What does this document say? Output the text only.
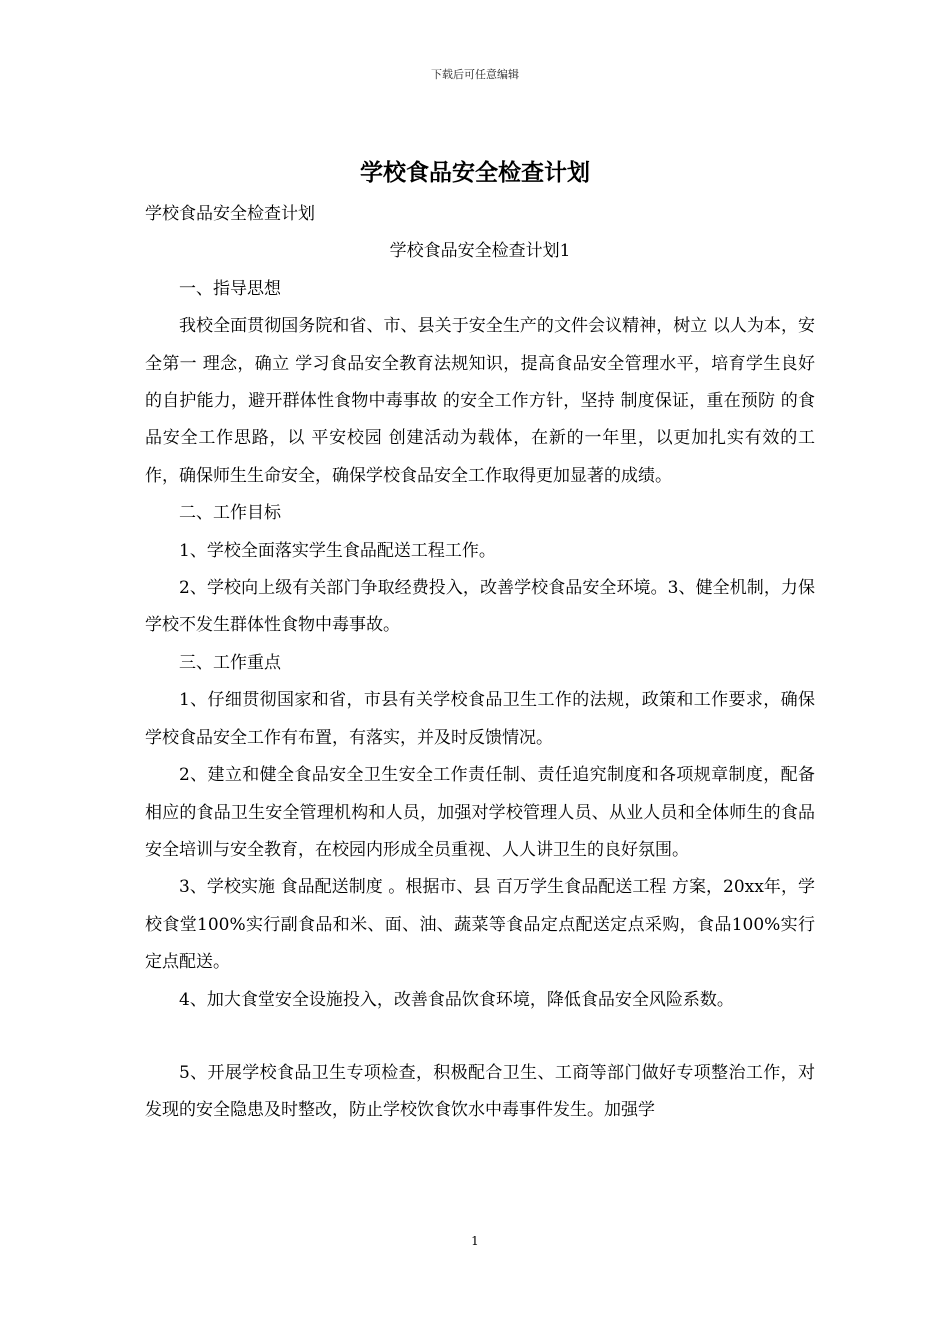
下载后可任意编辑
学校食品安全检查计划

学校食品安全检查计划

学校食品安全检查计划1

一、指导思想

我校全面贯彻国务院和省、市、县关于安全生产的文件会议精神，树立 以人为本，安全第一 理念，确立 学习食品安全教育法规知识，提高食品安全管理水平，培育学生良好的自护能力，避开群体性食物中毒事故 的安全工作方针，坚持 制度保证，重在预防 的食品安全工作思路，以 平安校园 创建活动为载体，在新的一年里，以更加扎实有效的工作，确保师生生命安全，确保学校食品安全工作取得更加显著的成绩。

二、工作目标

1、学校全面落实学生食品配送工程工作。

2、学校向上级有关部门争取经费投入，改善学校食品安全环境。3、健全机制，力保学校不发生群体性食物中毒事故。

三、工作重点

1、仔细贯彻国家和省，市县有关学校食品卫生工作的法规，政策和工作要求，确保学校食品安全工作有布置，有落实，并及时反馈情况。

2、建立和健全食品安全卫生安全工作责任制、责任追究制度和各项规章制度，配备相应的食品卫生安全管理机构和人员，加强对学校管理人员、从业人员和全体师生的食品安全培训与安全教育，在校园内形成全员重视、人人讲卫生的良好氛围。

3、学校实施 食品配送制度 。根据市、县 百万学生食品配送工程 方案，20xx年，学校食堂100%实行副食品和米、面、油、蔬菜等食品定点配送定点采购，食品100%实行定点配送。

4、加大食堂安全设施投入，改善食品饮食环境，降低食品安全风险系数。

5、开展学校食品卫生专项检查，积极配合卫生、工商等部门做好专项整治工作，对发现的安全隐患及时整改，防止学校饮食饮水中毒事件发生。加强学

1
